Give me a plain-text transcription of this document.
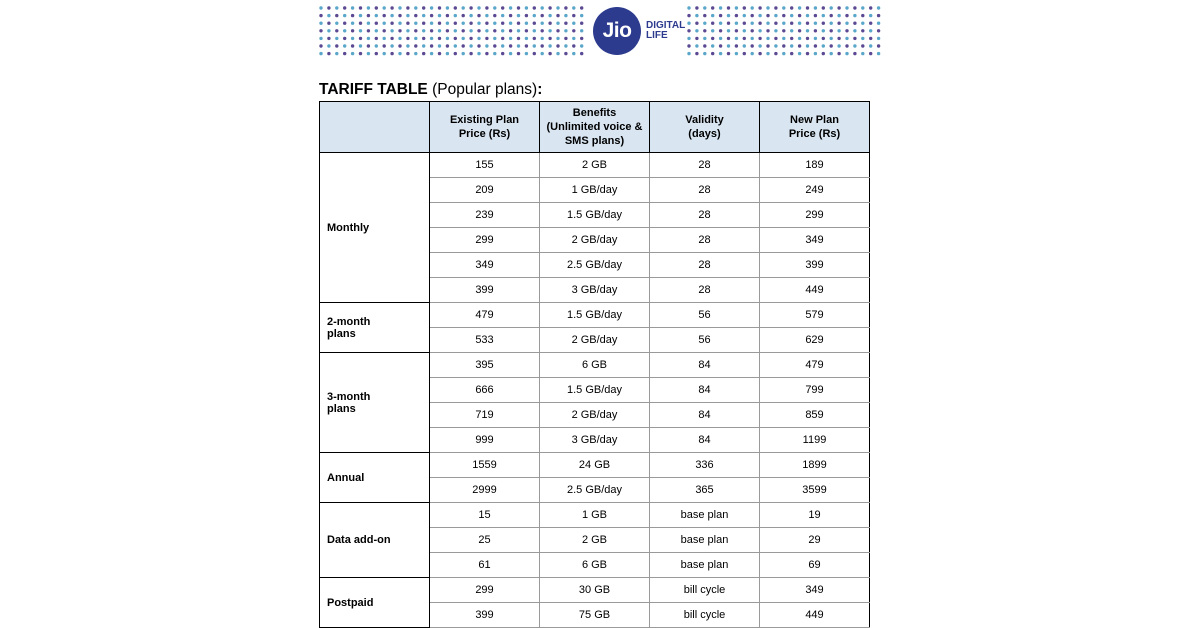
Jio DIGITAL
LIFE
TARIFF TABLE (Popular plans):
	Existing Plan
Price (Rs)	Benefits
(Unlimited voice &
SMS plans)	Validity
(days)	New Plan
Price (Rs)
Monthly	155	2 GB	28	189
	209	1 GB/day	28	249
	239	1.5 GB/day	28	299
	299	2 GB/day	28	349
	349	2.5 GB/day	28	399
	399	3 GB/day	28	449
2-month
plans	479	1.5 GB/day	56	579
	533	2 GB/day	56	629
3-month
plans	395	6 GB	84	479
	666	1.5 GB/day	84	799
	719	2 GB/day	84	859
	999	3 GB/day	84	1199
Annual	1559	24 GB	336	1899
	2999	2.5 GB/day	365	3599
Data add-on	15	1 GB	base plan	19
	25	2 GB	base plan	29
	61	6 GB	base plan	69
Postpaid	299	30 GB	bill cycle	349
	399	75 GB	bill cycle	449
